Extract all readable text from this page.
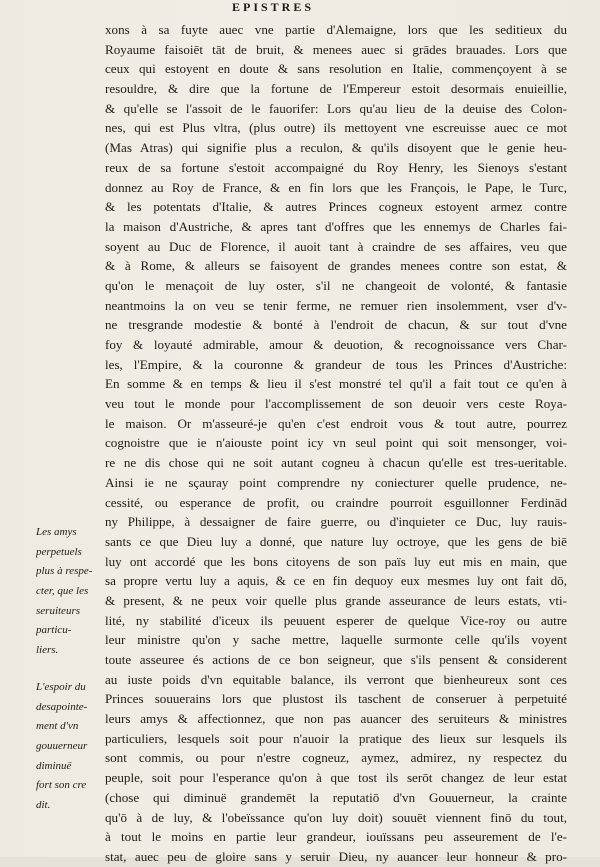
EPISTRES
xons à sa fuyte auec vne partie d'Alemaigne, lors que les seditieux du
Royaume faisoiēt tāt de bruit, & menees auec si grādes brauades. Lors que
ceux qui estoyent en doute & sans resolution en Italie, commençoyent à se
resouldre, & dire que la fortune de l'Empereur estoit desormais enuieillie,
& qu'elle se l'assoit de le fauorifer: Lors qu'au lieu de la deuise des Colon-
nes, qui est Plus vltra, (plus outre) ils mettoyent vne escreuisse auec ce mot
(Mas Atras) qui signifie plus a reculon, & qu'ils disoyent que le genie heu-
reux de sa fortune s'estoit accompaigné du Roy Henry, les Sienoys s'estant
donnez au Roy de France, & en fin lors que les François, le Pape, le Turc,
& les potentats d'Italie, & autres Princes cogneux estoyent armez contre
la maison d'Austriche, & apres tant d'offres que les ennemys de Charles fai-
soyent au Duc de Florence, il auoit tant à craindre de ses affaires, veu que
& à Rome, & alleurs se faisoyent de grandes menees contre son estat, &
qu'on le menaçoit de luy oster, s'il ne changeoit de volonté, & fantasie
neantmoins la on veu se tenir ferme, ne remuer rien insolemment, vser d'v-
ne tresgrande modestie & bonté à l'endroit de chacun, & sur tout d'vne
foy & loyauté admirable, amour & deuotion, & recognoissance vers Char-
les, l'Empire, & la couronne & grandeur de tous les Princes d'Austriche:
En somme & en temps & lieu il s'est monstré tel qu'il a fait tout ce qu'en à
veu tout le monde pour l'accomplissement de son deuoir vers ceste Roya-
le maison. Or m'asseuré-je qu'en c'est endroit vous & tout autre, pourrez
cognoistre que ie n'aiouste point icy vn seul point qui soit mensonger, voi-
re ne dis chose qui ne soit autant cogneu à chacun qu'elle est tres-ueritable.
Ainsi ie ne sçauray point comprendre ny coniecturer quelle prudence, ne-
cessité, ou esperance de profit, ou craindre pourroit esguillonner Ferdinād
ny Philippe, à dessaigner de faire guerre, ou d'inquieter ce Duc, luy rauis-
sants ce que Dieu luy a donné, que nature luy octroye, que les gens de biē
luy ont accordé que les bons citoyens de son païs luy eut mis en main, que
sa propre vertu luy a aquis, & ce en fin dequoy eux mesmes luy ont fait dō,
& present, & ne peux voir quelle plus grande asseurance de leurs estats, vti-
lité, ny stabilité d'iceux ils peuuent esperer de quelque Vice-roy ou autre
leur ministre qu'on y sache mettre, laquelle surmonte celle qu'ils voyent
toute asseuree és actions de ce bon seigneur, que s'ils pensent & considerent
au iuste poids d'vn equitable balance, ils verront que bienheureux sont ces
Princes souuerains lors que plustost ils taschent de conseruer à perpetuité
leurs amys & affectionnez, que non pas auancer des seruiteurs & ministres
particuliers, lesquels soit pour n'auoir la pratique des lieux sur lesquels ils
sont commis, ou pour n'estre cogneuz, aymez, admirez, ny respectez du
peuple, soit pour l'esperance qu'on à que tost ils serōt changez de leur estat
(chose qui diminuë grandemēt la reputatiō d'vn Gouuerneur, la crainte
qu'ō à de luy, & l'obeïssance qu'on luy doit) souuēt viennent finō du tout,
à tout le moins en partie leur grandeur, iouïssans peu asseurement de l'e-
stat, auec peu de gloire sans y seruir Dieu, ny auancer leur honneur & pro-
Les amys
perpetuels
plus à respe-
cter, que les
seruiteurs
particu-
liers.
L'espoir du
desapointe-
ment d'vn
gouuerneur
diminuë
fort son cre
dit.
